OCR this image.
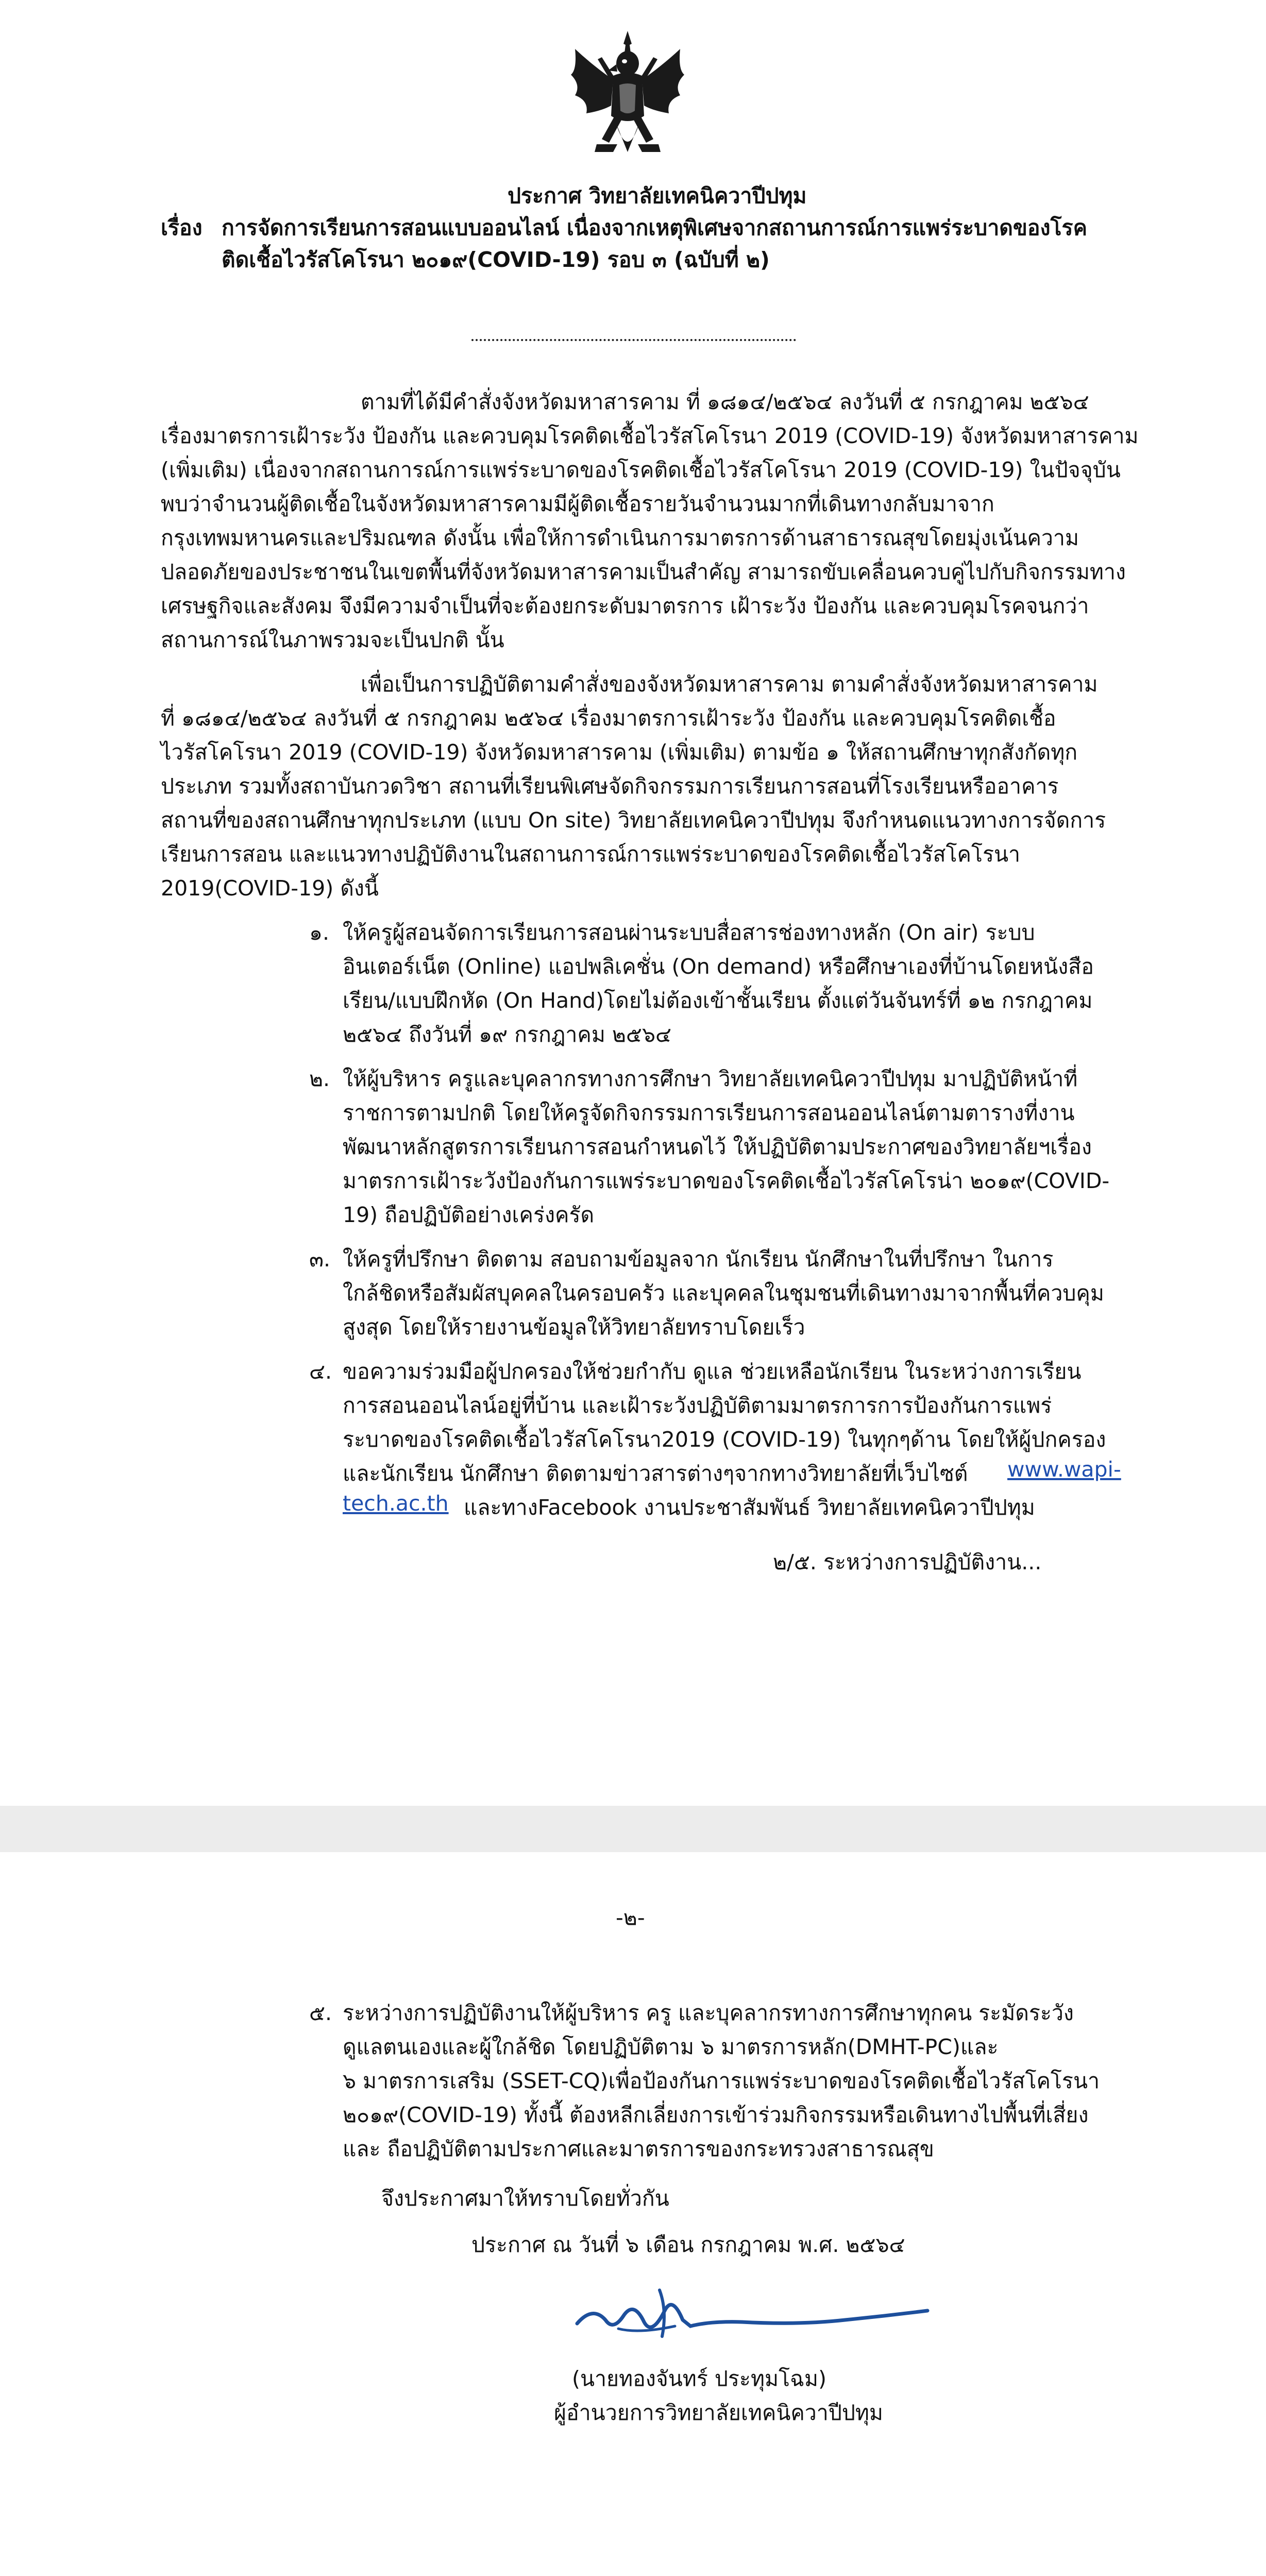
ประกาศ วิทยาลัยเทคนิควาปีปทุม
เรื่อง การจัดการเรียนการสอนแบบออนไลน์ เนื่องจากเหตุพิเศษจากสถานการณ์การแพร่ระบาดของโรค
ติดเชื้อไวรัสโคโรนา ๒๐๑๙(COVID-19) รอบ ๓ (ฉบับที่ ๒)
ตามที่ได้มีคำสั่งจังหวัดมหาสารคาม ที่ ๑๘๑๔/๒๕๖๔ ลงวันที่ ๕ กรกฎาคม ๒๕๖๔
เรื่องมาตรการเฝ้าระวัง ป้องกัน และควบคุมโรคติดเชื้อไวรัสโคโรนา 2019 (COVID-19) จังหวัดมหาสารคาม
(เพิ่มเติม) เนื่องจากสถานการณ์การแพร่ระบาดของโรคติดเชื้อไวรัสโคโรนา 2019 (COVID-19) ในปัจจุบัน
พบว่าจำนวนผู้ติดเชื้อในจังหวัดมหาสารคามมีผู้ติดเชื้อรายวันจำนวนมากที่เดินทางกลับมาจาก
กรุงเทพมหานครและปริมณฑล ดังนั้น เพื่อให้การดำเนินการมาตรการด้านสาธารณสุขโดยมุ่งเน้นความ
ปลอดภัยของประชาชนในเขตพื้นที่จังหวัดมหาสารคามเป็นสำคัญ สามารถขับเคลื่อนควบคู่ไปกับกิจกรรมทาง
เศรษฐกิจและสังคม จึงมีความจำเป็นที่จะต้องยกระดับมาตรการ เฝ้าระวัง ป้องกัน และควบคุมโรคจนกว่า
สถานการณ์ในภาพรวมจะเป็นปกติ นั้น
เพื่อเป็นการปฏิบัติตามคำสั่งของจังหวัดมหาสารคาม ตามคำสั่งจังหวัดมหาสารคาม
ที่ ๑๘๑๔/๒๕๖๔ ลงวันที่ ๕ กรกฎาคม ๒๕๖๔ เรื่องมาตรการเฝ้าระวัง ป้องกัน และควบคุมโรคติดเชื้อ
ไวรัสโคโรนา 2019 (COVID-19) จังหวัดมหาสารคาม (เพิ่มเติม) ตามข้อ ๑ ให้สถานศึกษาทุกสังกัดทุก
ประเภท รวมทั้งสถาบันกวดวิชา สถานที่เรียนพิเศษจัดกิจกรรมการเรียนการสอนที่โรงเรียนหรืออาคาร
สถานที่ของสถานศึกษาทุกประเภท (แบบ On site) วิทยาลัยเทคนิควาปีปทุม จึงกำหนดแนวทางการจัดการ
เรียนการสอน และแนวทางปฏิบัติงานในสถานการณ์การแพร่ระบาดของโรคติดเชื้อไวรัสโคโรนา
2019(COVID-19) ดังนี้
๑. ให้ครูผู้สอนจัดการเรียนการสอนผ่านระบบสื่อสารช่องทางหลัก (On air) ระบบ
อินเตอร์เน็ต (Online) แอปพลิเคชั่น (On demand) หรือศึกษาเองที่บ้านโดยหนังสือ
เรียน/แบบฝึกหัด (On Hand)โดยไม่ต้องเข้าชั้นเรียน ตั้งแต่วันจันทร์ที่ ๑๒ กรกฎาคม
๒๕๖๔ ถึงวันที่ ๑๙ กรกฎาคม ๒๕๖๔
๒. ให้ผู้บริหาร ครูและบุคลากรทางการศึกษา วิทยาลัยเทคนิควาปีปทุม มาปฏิบัติหน้าที่
ราชการตามปกติ โดยให้ครูจัดกิจกรรมการเรียนการสอนออนไลน์ตามตารางที่งาน
พัฒนาหลักสูตรการเรียนการสอนกำหนดไว้ ให้ปฏิบัติตามประกาศของวิทยาลัยฯเรื่อง
มาตรการเฝ้าระวังป้องกันการแพร่ระบาดของโรคติดเชื้อไวรัสโคโรน่า ๒๐๑๙(COVID-
19) ถือปฏิบัติอย่างเคร่งครัด
๓. ให้ครูที่ปรึกษา ติดตาม สอบถามข้อมูลจาก นักเรียน นักศึกษาในที่ปรึกษา ในการ
ใกล้ชิดหรือสัมผัสบุคคลในครอบครัว และบุคคลในชุมชนที่เดินทางมาจากพื้นที่ควบคุม
สูงสุด โดยให้รายงานข้อมูลให้วิทยาลัยทราบโดยเร็ว
๔. ขอความร่วมมือผู้ปกครองให้ช่วยกำกับ ดูแล ช่วยเหลือนักเรียน ในระหว่างการเรียน
การสอนออนไลน์อยู่ที่บ้าน และเฝ้าระวังปฏิบัติตามมาตรการการป้องกันการแพร่
ระบาดของโรคติดเชื้อไวรัสโคโรนา2019 (COVID-19) ในทุกๆด้าน โดยให้ผู้ปกครอง
และนักเรียน นักศึกษา ติดตามข่าวสารต่างๆจากทางวิทยาลัยที่เว็บไซต์ www.wapi-
tech.ac.th และทางFacebook งานประชาสัมพันธ์ วิทยาลัยเทคนิควาปีปทุม
๒/๕. ระหว่างการปฏิบัติงาน...
-๒-
๕. ระหว่างการปฏิบัติงานให้ผู้บริหาร ครู และบุคลากรทางการศึกษาทุกคน ระมัดระวัง
ดูแลตนเองและผู้ใกล้ชิด โดยปฏิบัติตาม ๖ มาตรการหลัก(DMHT-PC)และ
๖ มาตรการเสริม (SSET-CQ)เพื่อป้องกันการแพร่ระบาดของโรคติดเชื้อไวรัสโคโรนา
๒๐๑๙(COVID-19) ทั้งนี้ ต้องหลีกเลี่ยงการเข้าร่วมกิจกรรมหรือเดินทางไปพื้นที่เสี่ยง
และ ถือปฏิบัติตามประกาศและมาตรการของกระทรวงสาธารณสุข
จึงประกาศมาให้ทราบโดยทั่วกัน
ประกาศ ณ วันที่ ๖ เดือน กรกฎาคม พ.ศ. ๒๕๖๔
(นายทองจันทร์ ประทุมโฉม)
ผู้อำนวยการวิทยาลัยเทคนิควาปีปทุม
